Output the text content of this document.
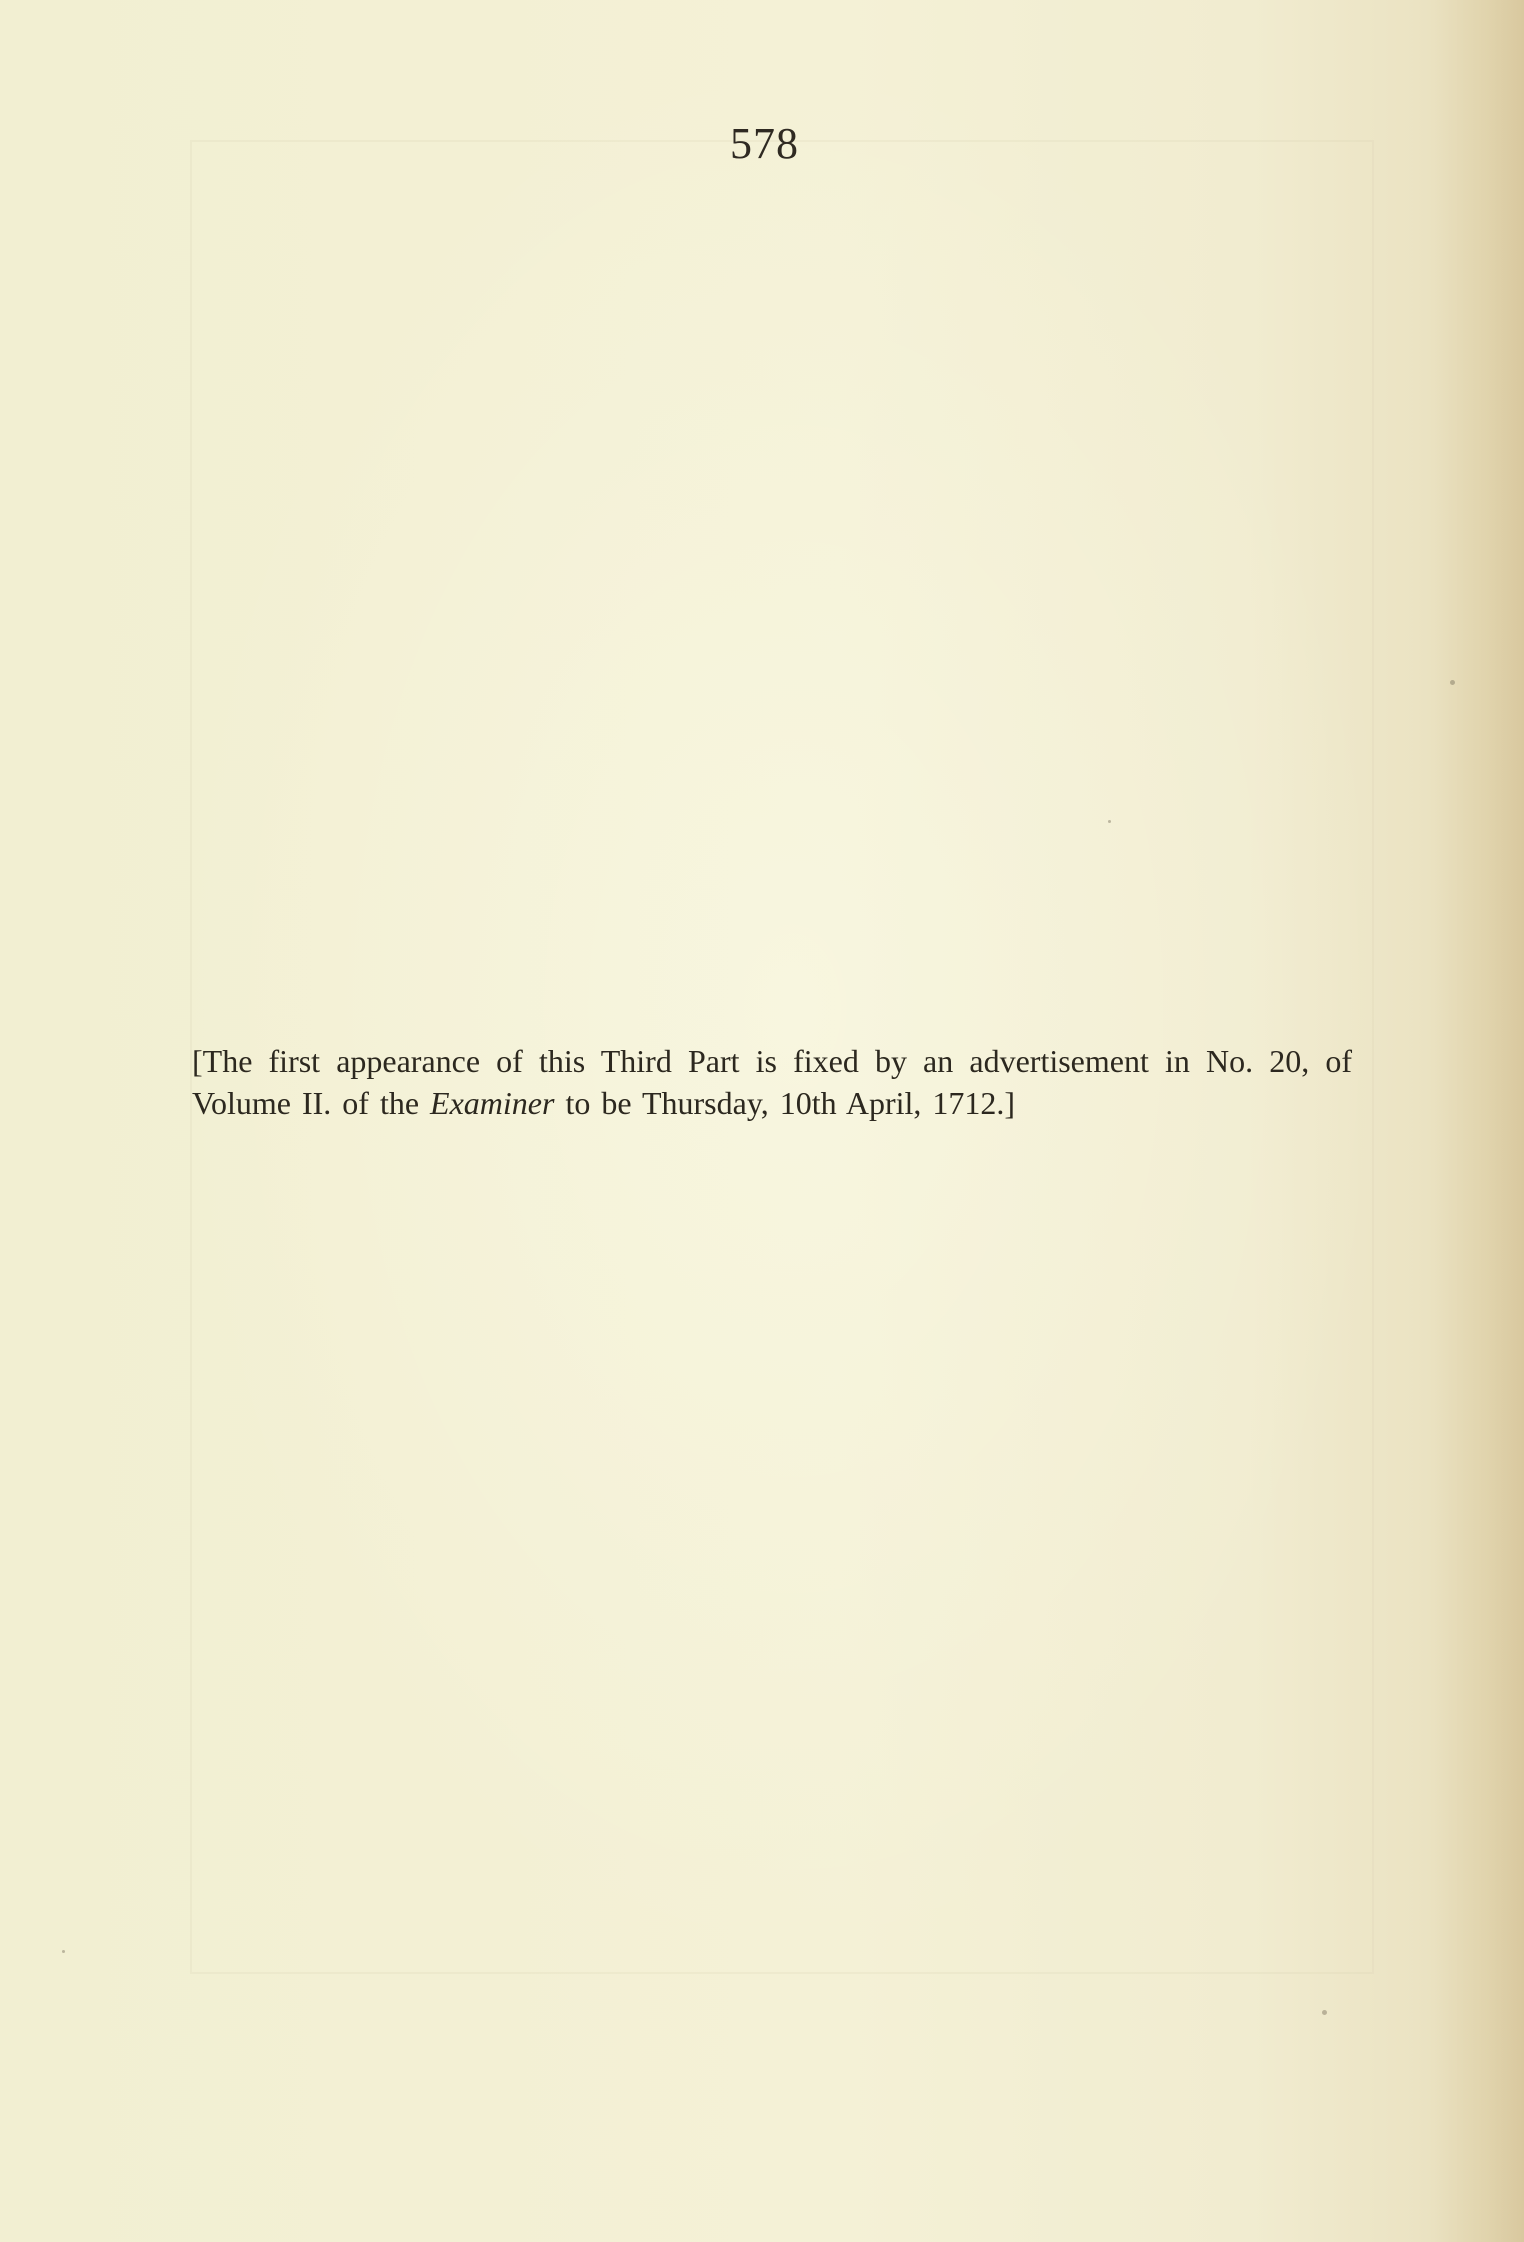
578

[The first appearance of this Third Part is fixed by an advertisement in No. 20, of Volume II. of the Examiner to be Thursday, 10th April, 1712.]
